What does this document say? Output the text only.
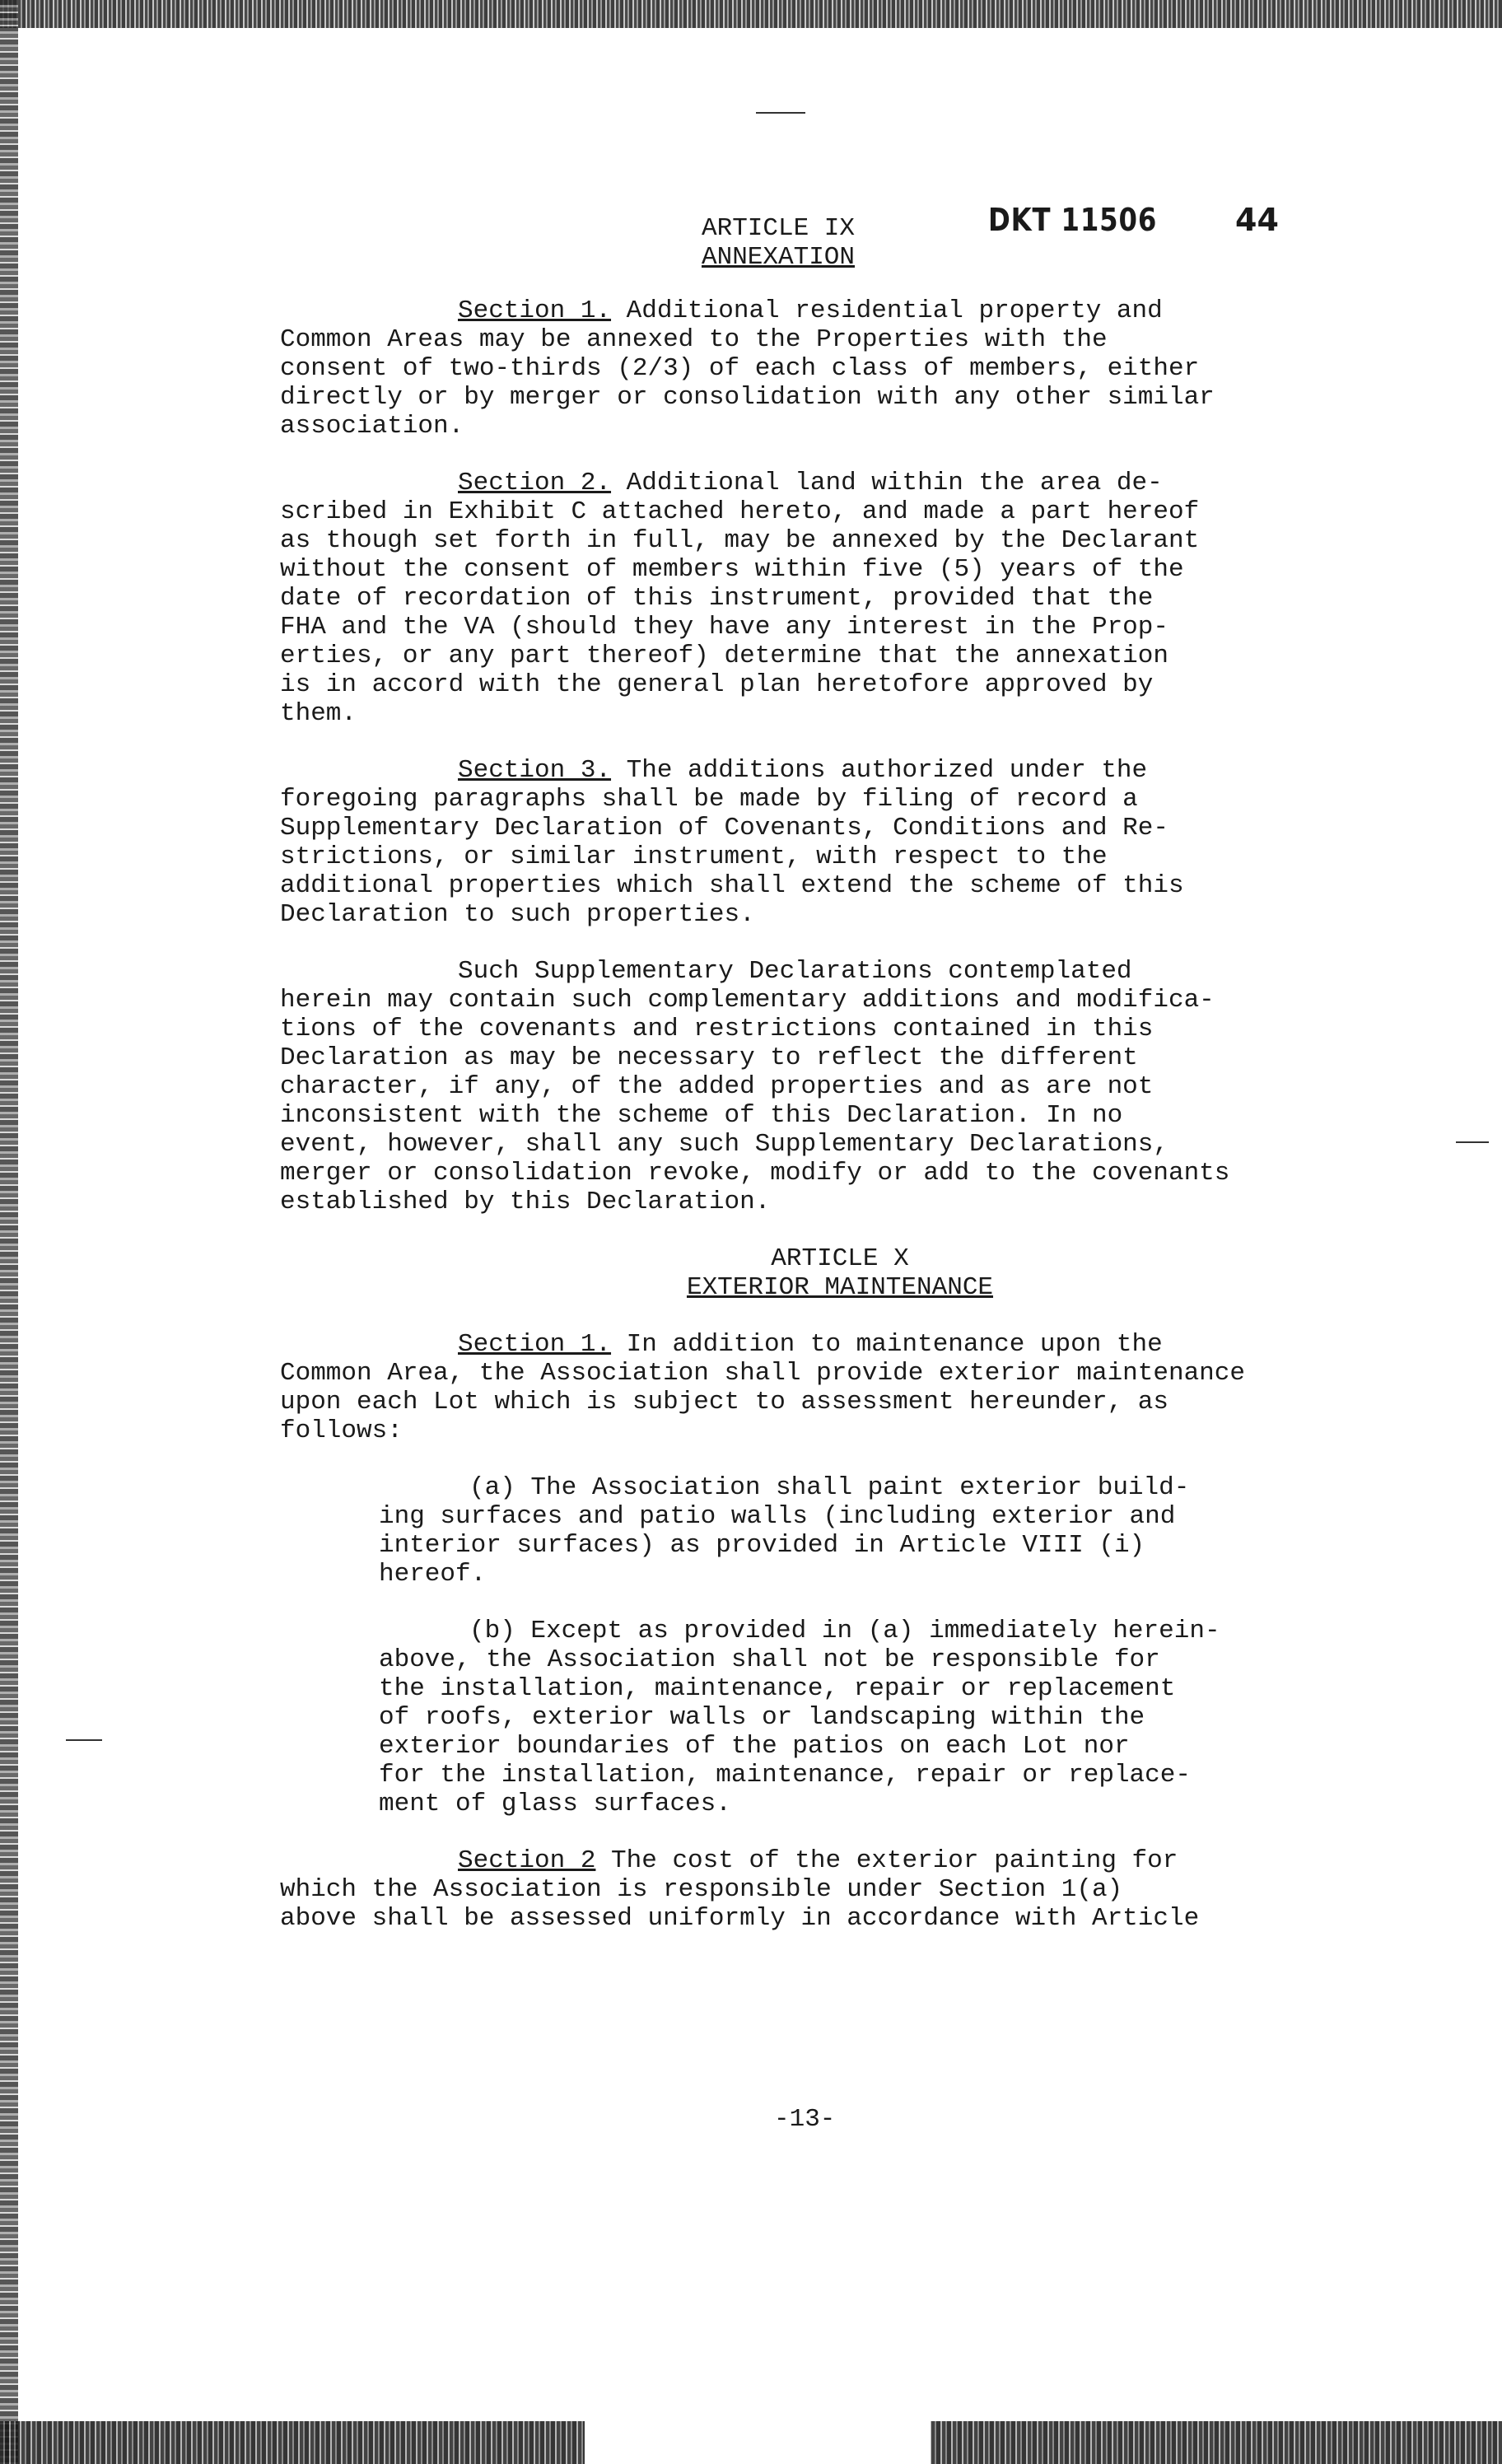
ARTICLE IX
ANNEXATION
DKT 11506 44

Section 1. Additional residential property and
Common Areas may be annexed to the Properties with the
consent of two-thirds (2/3) of each class of members, either
directly or by merger or consolidation with any other similar
association.

Section 2. Additional land within the area de-
scribed in Exhibit C attached hereto, and made a part hereof
as though set forth in full, may be annexed by the Declarant
without the consent of members within five (5) years of the
date of recordation of this instrument, provided that the
FHA and the VA (should they have any interest in the Prop-
erties, or any part thereof) determine that the annexation
is in accord with the general plan heretofore approved by
them.

Section 3. The additions authorized under the
foregoing paragraphs shall be made by filing of record a
Supplementary Declaration of Covenants, Conditions and Re-
strictions, or similar instrument, with respect to the
additional properties which shall extend the scheme of this
Declaration to such properties.

Such Supplementary Declarations contemplated
herein may contain such complementary additions and modifica-
tions of the covenants and restrictions contained in this
Declaration as may be necessary to reflect the different
character, if any, of the added properties and as are not
inconsistent with the scheme of this Declaration. In no
event, however, shall any such Supplementary Declarations,
merger or consolidation revoke, modify or add to the covenants
established by this Declaration.

ARTICLE X
EXTERIOR MAINTENANCE

Section 1. In addition to maintenance upon the
Common Area, the Association shall provide exterior maintenance
upon each Lot which is subject to assessment hereunder, as
follows:

(a) The Association shall paint exterior build-
ing surfaces and patio walls (including exterior and
interior surfaces) as provided in Article VIII (i)
hereof.

(b) Except as provided in (a) immediately herein-
above, the Association shall not be responsible for
the installation, maintenance, repair or replacement
of roofs, exterior walls or landscaping within the
exterior boundaries of the patios on each Lot nor
for the installation, maintenance, repair or replace-
ment of glass surfaces.

Section 2 The cost of the exterior painting for
which the Association is responsible under Section 1(a)
above shall be assessed uniformly in accordance with Article

-13-
